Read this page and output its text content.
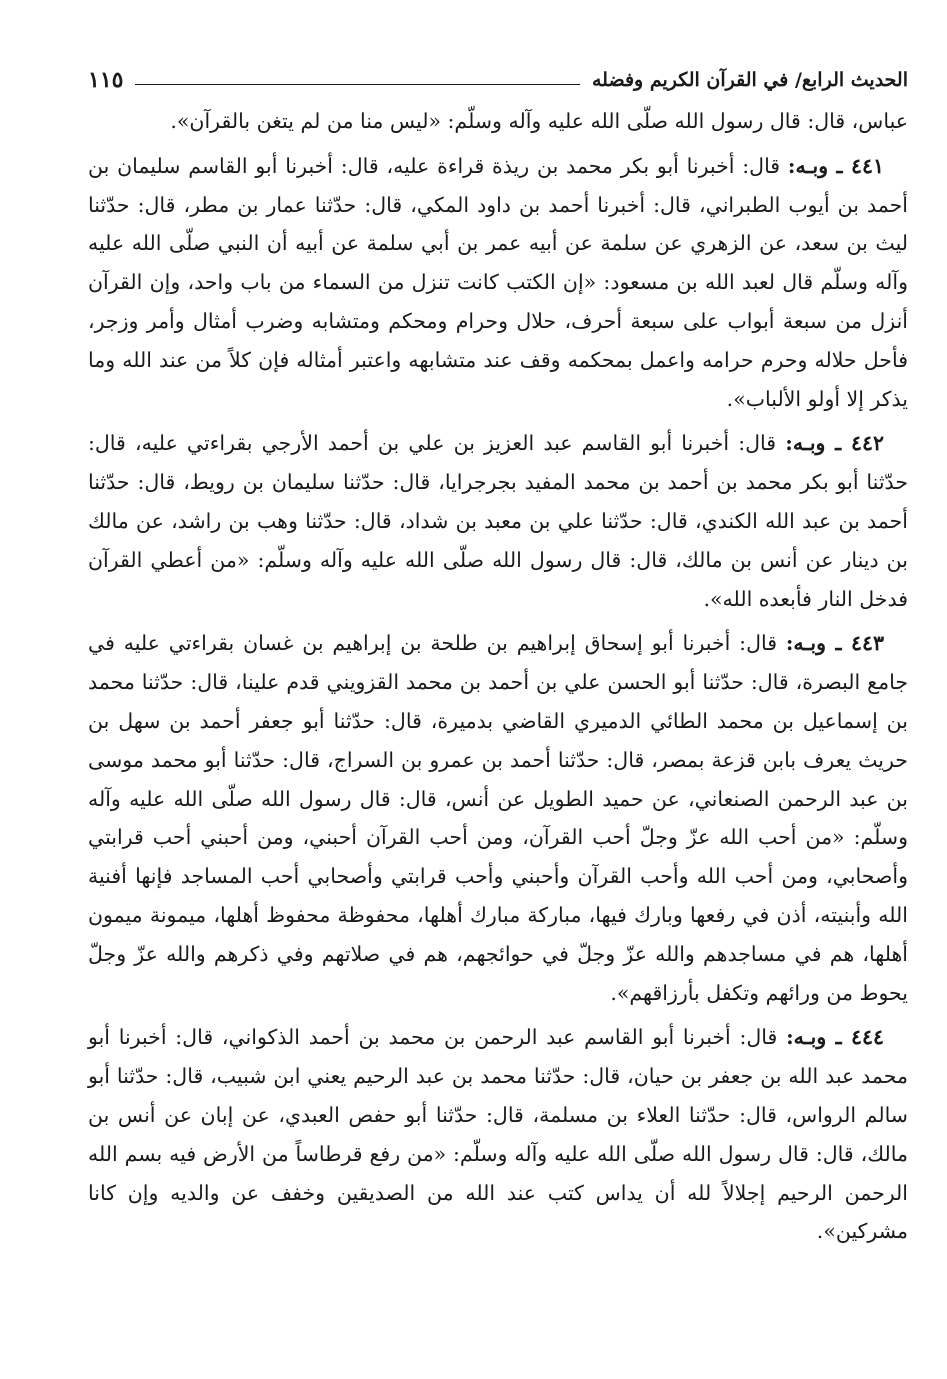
الحديث الرابع/ في القرآن الكريم وفضله
١١٥

عباس، قال: قال رسول الله صلّى الله عليه وآله وسلّم: «ليس منا من لم يتغن بالقرآن».

٤٤١ ـ وبـه: قال: أخبرنا أبو بكر محمد بن ريذة قراءة عليه، قال: أخبرنا أبو القاسم سليمان بن أحمد بن أيوب الطبراني، قال: أخبرنا أحمد بن داود المكي، قال: حدّثنا عمار بن مطر، قال: حدّثنا ليث بن سعد، عن الزهري عن سلمة عن أبيه عمر بن أبي سلمة عن أبيه أن النبي صلّى الله عليه وآله وسلّم قال لعبد الله بن مسعود: «إن الكتب كانت تنزل من السماء من باب واحد، وإن القرآن أنزل من سبعة أبواب على سبعة أحرف، حلال وحرام ومحكم ومتشابه وضرب أمثال وأمر وزجر، فأحل حلاله وحرم حرامه واعمل بمحكمه وقف عند متشابهه واعتبر أمثاله فإن كلاً من عند الله وما يذكر إلا أولو الألباب».

٤٤٢ ـ وبـه: قال: أخبرنا أبو القاسم عبد العزيز بن علي بن أحمد الأرجي بقراءتي عليه، قال: حدّثنا أبو بكر محمد بن أحمد بن محمد المفيد بجرجرايا، قال: حدّثنا سليمان بن رويط، قال: حدّثنا أحمد بن عبد الله الكندي، قال: حدّثنا علي بن معبد بن شداد، قال: حدّثنا وهب بن راشد، عن مالك بن دينار عن أنس بن مالك، قال: قال رسول الله صلّى الله عليه وآله وسلّم: «من أعطي القرآن فدخل النار فأبعده الله».

٤٤٣ ـ وبـه: قال: أخبرنا أبو إسحاق إبراهيم بن طلحة بن إبراهيم بن غسان بقراءتي عليه في جامع البصرة، قال: حدّثنا أبو الحسن علي بن أحمد بن محمد القزويني قدم علينا، قال: حدّثنا محمد بن إسماعيل بن محمد الطائي الدميري القاضي بدميرة، قال: حدّثنا أبو جعفر أحمد بن سهل بن حريث يعرف بابن قزعة بمصر، قال: حدّثنا أحمد بن عمرو بن السراج، قال: حدّثنا أبو محمد موسى بن عبد الرحمن الصنعاني، عن حميد الطويل عن أنس، قال: قال رسول الله صلّى الله عليه وآله وسلّم: «من أحب الله عزّ وجلّ أحب القرآن، ومن أحب القرآن أحبني، ومن أحبني أحب قرابتي وأصحابي، ومن أحب الله وأحب القرآن وأحبني وأحب قرابتي وأصحابي أحب المساجد فإنها أفنية الله وأبنيته، أذن في رفعها وبارك فيها، مباركة مبارك أهلها، محفوظة محفوظ أهلها، ميمونة ميمون أهلها، هم في مساجدهم والله عزّ وجلّ في حوائجهم، هم في صلاتهم وفي ذكرهم والله عزّ وجلّ يحوط من ورائهم وتكفل بأرزاقهم».

٤٤٤ ـ وبـه: قال: أخبرنا أبو القاسم عبد الرحمن بن محمد بن أحمد الذكواني، قال: أخبرنا أبو محمد عبد الله بن جعفر بن حيان، قال: حدّثنا محمد بن عبد الرحيم يعني ابن شبيب، قال: حدّثنا أبو سالم الرواس، قال: حدّثنا العلاء بن مسلمة، قال: حدّثنا أبو حفص العبدي، عن إبان عن أنس بن مالك، قال: قال رسول الله صلّى الله عليه وآله وسلّم: «من رفع قرطاساً من الأرض فيه بسم الله الرحمن الرحيم إجلالاً لله أن يداس كتب عند الله من الصديقين وخفف عن والديه وإن كانا مشركين».
